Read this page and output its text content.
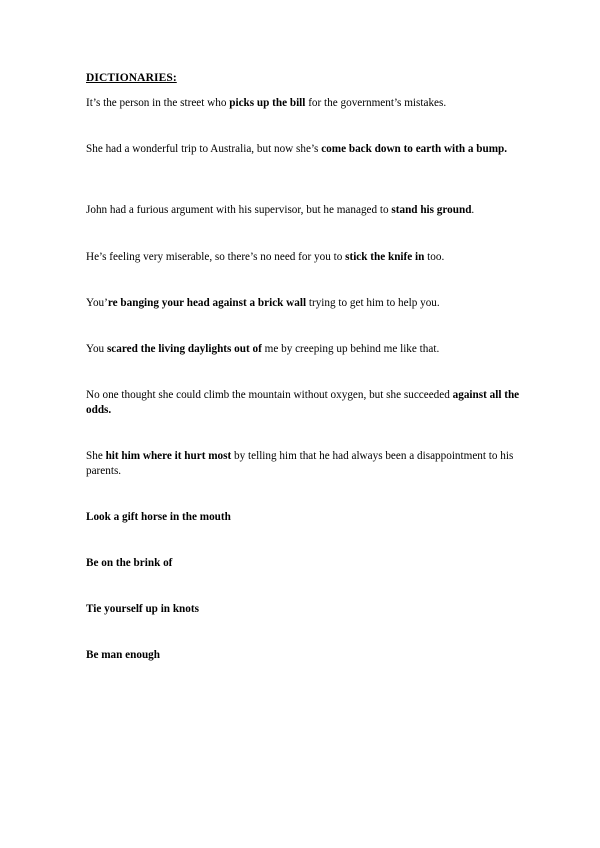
DICTIONARIES:
It’s the person in the street who picks up the bill for the government’s mistakes.
She had a wonderful trip to Australia, but now she’s come back down to earth with a bump.
John had a furious argument with his supervisor, but he managed to stand his ground.
He’s feeling very miserable, so there’s no need for you to stick the knife in too.
You’re banging your head against a brick wall trying to get him to help you.
You scared the living daylights out of me by creeping up behind me like that.
No one thought she could climb the mountain without oxygen, but she succeeded against all the odds.
She hit him where it hurt most by telling him that he had always been a disappointment to his parents.
Look a gift horse in the mouth
Be on the brink of
Tie yourself up in knots
Be man enough
